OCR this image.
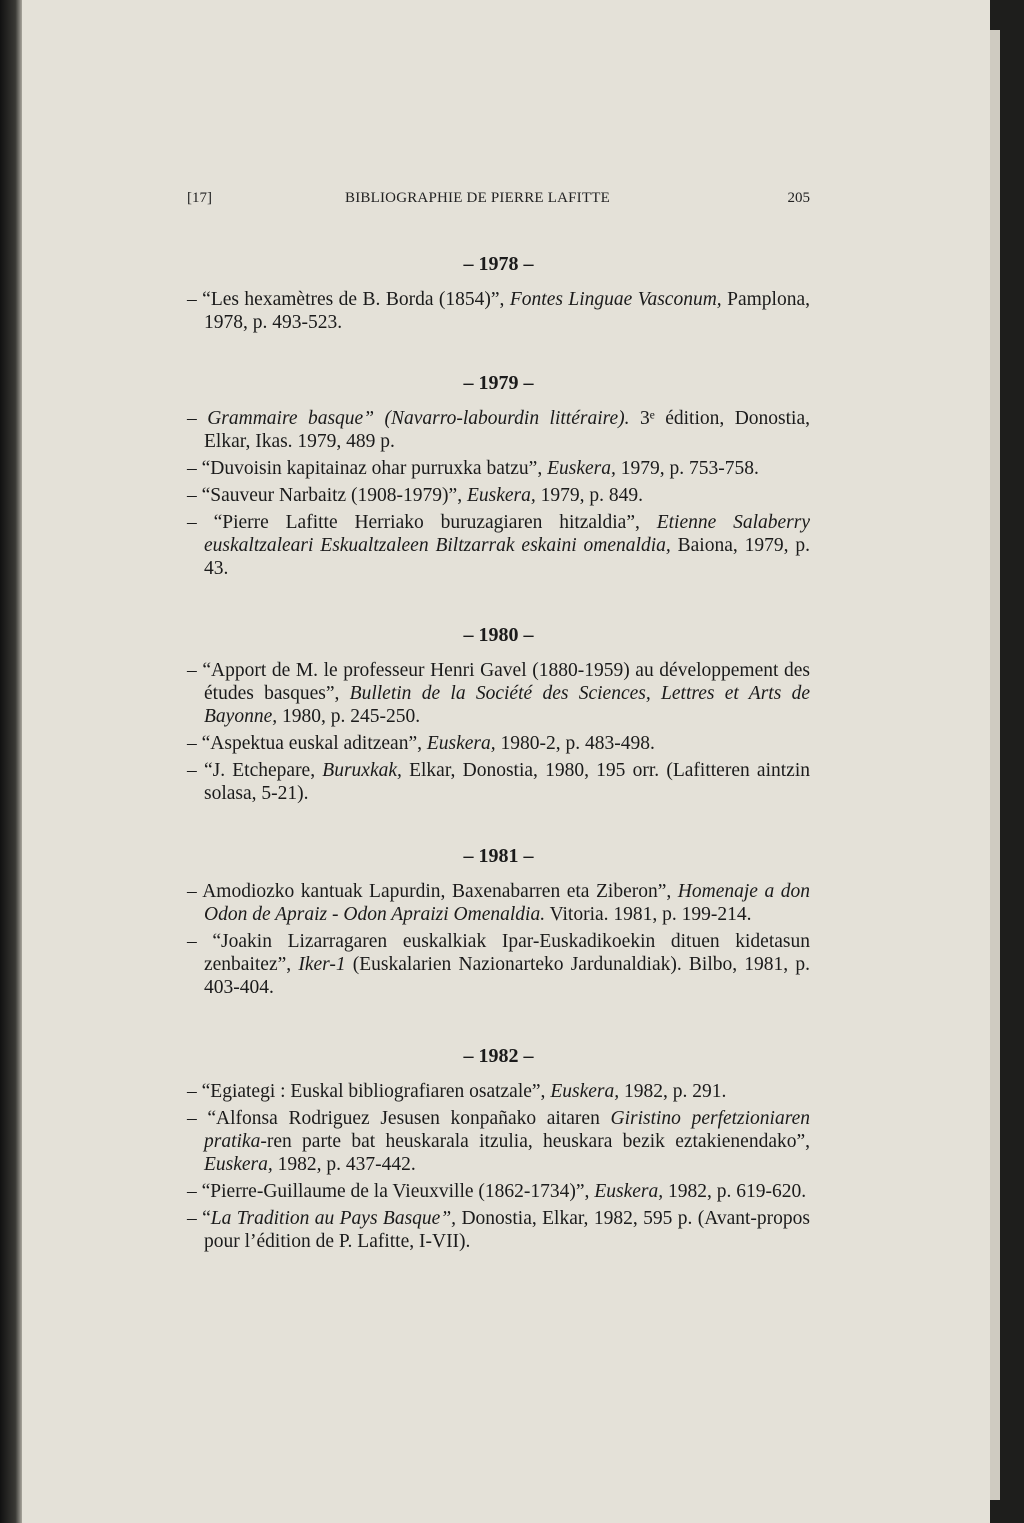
[17]	BIBLIOGRAPHIE DE PIERRE LAFITTE	205
– 1978 –
– “Les hexamètres de B. Borda (1854)”, Fontes Linguae Vasconum, Pamplona, 1978, p. 493-523.
– 1979 –
– Grammaire basque” (Navarro-labourdin littéraire). 3ᵉ édition, Donostia, Elkar, Ikas. 1979, 489 p.
– “Duvoisin kapitainaz ohar purruxka batzu”, Euskera, 1979, p. 753-758.
– “Sauveur Narbaitz (1908-1979)”, Euskera, 1979, p. 849.
– “Pierre Lafitte Herriako buruzagiaren hitzaldia”, Etienne Salaberry euskaltzaleari Eskualtzaleen Biltzarrak eskaini omenaldia, Baiona, 1979, p. 43.
– 1980 –
– “Apport de M. le professeur Henri Gavel (1880-1959) au développement des études basques”, Bulletin de la Société des Sciences, Lettres et Arts de Bayonne, 1980, p. 245-250.
– “Aspektua euskal aditzean”, Euskera, 1980-2, p. 483-498.
– “J. Etchepare, Buruxkak, Elkar, Donostia, 1980, 195 orr. (Lafitteren aintzin solasa, 5-21).
– 1981 –
– Amodiozko kantuak Lapurdin, Baxenabarren eta Ziberon”, Homenaje a don Odon de Apraiz - Odon Apraizi Omenaldia. Vitoria. 1981, p. 199-214.
– “Joakin Lizarragaren euskalkiak Ipar-Euskadikoekin dituen kidetasun zenbaitez”, Iker-1 (Euskalarien Nazionarteko Jardunaldiak). Bilbo, 1981, p. 403-404.
– 1982 –
– “Egiategi : Euskal bibliografiaren osatzale”, Euskera, 1982, p. 291.
– “Alfonsa Rodriguez Jesusen konpañako aitaren Giristino perfetzioniaren pratika-ren parte bat heuskarala itzulia, heuskara bezik eztakienendako”, Euskera, 1982, p. 437-442.
– “Pierre-Guillaume de la Vieuxville (1862-1734)”, Euskera, 1982, p. 619-620.
– “La Tradition au Pays Basque”, Donostia, Elkar, 1982, 595 p. (Avant-propos pour l’édition de P. Lafitte, I-VII).
